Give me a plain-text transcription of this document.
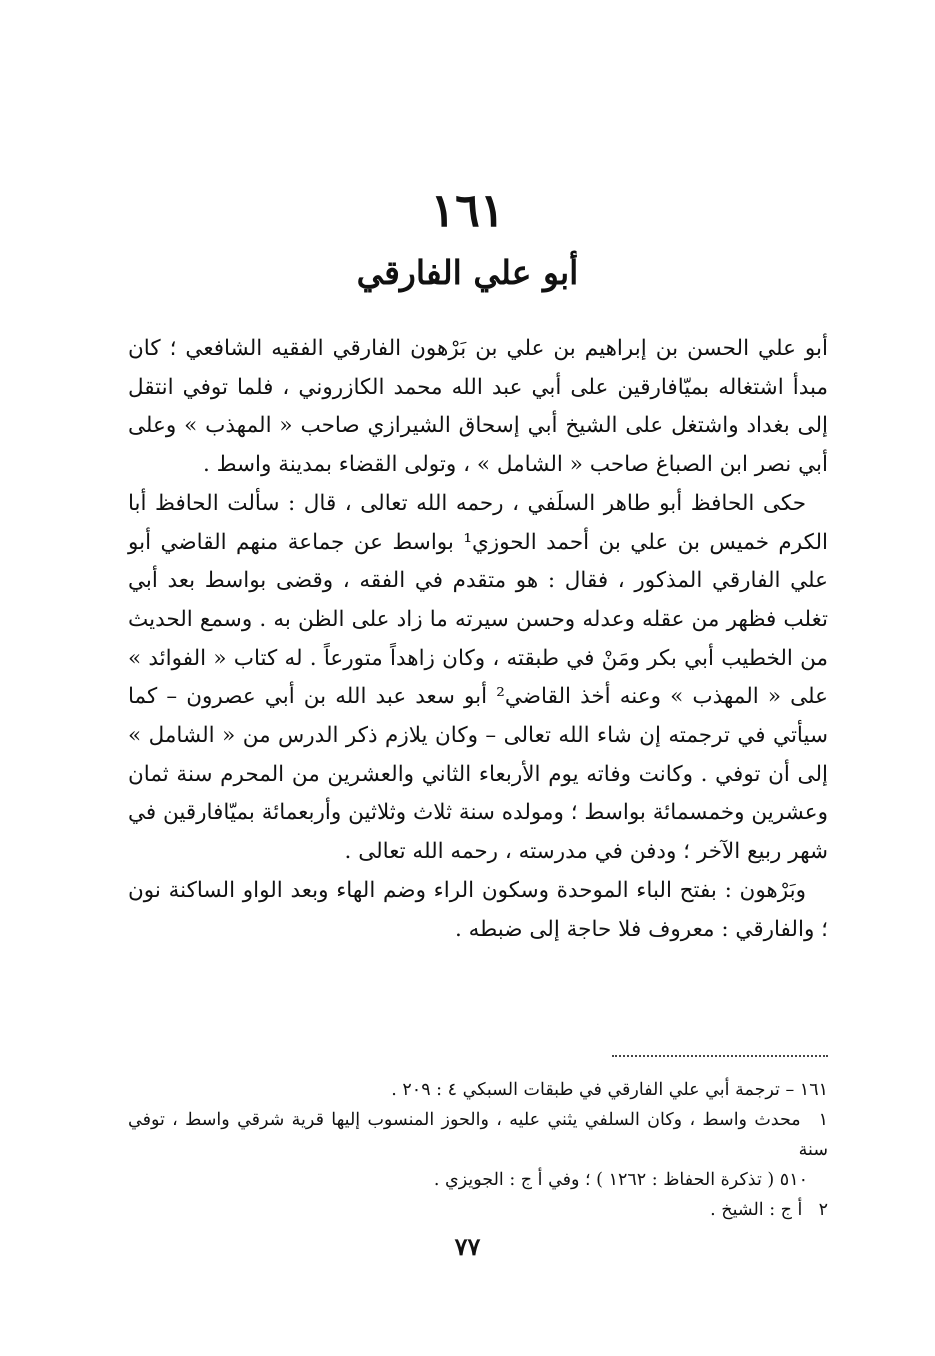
١٦١
أبو علي الفارقي

أبو علي الحسن بن إبراهيم بن علي بن بَرْهون الفارقي الفقيه الشافعي ؛ كان مبدأ اشتغاله بميّافارقين على أبي عبد الله محمد الكازروني ، فلما توفي انتقل إلى بغداد واشتغل على الشيخ أبي إسحاق الشيرازي صاحب « المهذب » وعلى أبي نصر ابن الصباغ صاحب « الشامل » ، وتولى القضاء بمدينة واسط .

حكى الحافظ أبو طاهر السلَفي ، رحمه الله تعالى ، قال : سألت الحافظ أبا الكرم خميس بن علي بن أحمد الحوزي¹ بواسط عن جماعة منهم القاضي أبو علي الفارقي المذكور ، فقال : هو متقدم في الفقه ، وقضى بواسط بعد أبي تغلب فظهر من عقله وعدله وحسن سيرته ما زاد على الظن به . وسمع الحديث من الخطيب أبي بكر ومَنْ في طبقته ، وكان زاهداً متورعاً . له كتاب « الفوائد » على « المهذب » وعنه أخذ القاضي² أبو سعد عبد الله بن أبي عصرون – كما سيأتي في ترجمته إن شاء الله تعالى – وكان يلازم ذكر الدرس من « الشامل » إلى أن توفي . وكانت وفاته يوم الأربعاء الثاني والعشرين من المحرم سنة ثمان وعشرين وخمسمائة بواسط ؛ ومولده سنة ثلاث وثلاثين وأربعمائة بميّافارقين في شهر ربيع الآخر ؛ ودفن في مدرسته ، رحمه الله تعالى .

وبَرْهون : بفتح الباء الموحدة وسكون الراء وضم الهاء وبعد الواو الساكنة نون ؛ والفارقي : معروف فلا حاجة إلى ضبطه .

١٦١ – ترجمة أبي علي الفارقي في طبقات السبكي ٤ : ٢٠٩ .

١ محدث واسط ، وكان السلفي يثني عليه ، والحوز المنسوب إليها قرية شرقي واسط ، توفي سنة

٥١٠ ( تذكرة الحفاظ : ١٢٦٢ ) ؛ وفي أ ج : الجويزي .

٢ أ ج : الشيخ .

٧٧
